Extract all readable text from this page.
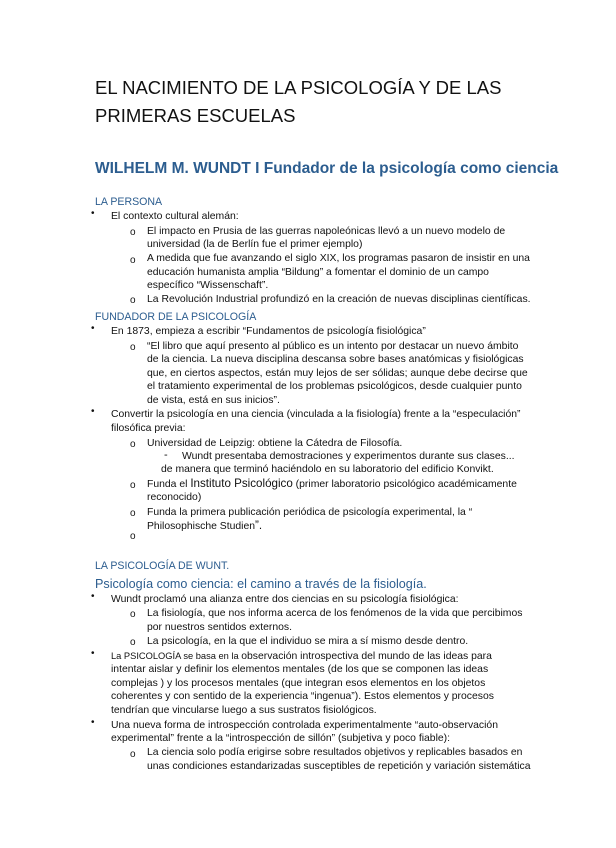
EL NACIMIENTO DE LA PSICOLOGÍA Y DE LAS PRIMERAS ESCUELAS
WILHELM M. WUNDT I Fundador de la psicología como ciencia
LA PERSONA
• El contexto cultural alemán:
o El impacto en Prusia de las guerras napoleónicas llevó a un nuevo modelo de
universidad (la de Berlín fue el primer ejemplo)
o A medida que fue avanzando el siglo XIX, los programas pasaron de insistir en una
educación humanista amplia “Bildung” a fomentar el dominio de un campo
específico “Wissenschaft”.
o La Revolución Industrial profundizó en la creación de nuevas disciplinas científicas.
FUNDADOR DE LA PSICOLOGÍA
• En 1873, empieza a escribir “Fundamentos de psicología fisiológica”
o “El libro que aquí presento al público es un intento por destacar un nuevo ámbito
de la ciencia. La nueva disciplina descansa sobre bases anatómicas y fisiológicas
que, en ciertos aspectos, están muy lejos de ser sólidas; aunque debe decirse que
el tratamiento experimental de los problemas psicológicos, desde cualquier punto
de vista, está en sus inicios”.
• Convertir la psicología en una ciencia (vinculada a la fisiología) frente a la “especulación”
filosófica previa:
o Universidad de Leipzig: obtiene la Cátedra de Filosofía.
- Wundt presentaba demostraciones y experimentos durante sus clases...
de manera que terminó haciéndolo en su laboratorio del edificio Konvikt.
o Funda el Instituto Psicológico (primer laboratorio psicológico académicamente
reconocido)
o Funda la primera publicación periódica de psicología experimental, la “
Philosophische Studien”.
o
LA PSICOLOGÍA DE WUNT.
Psicología como ciencia: el camino a través de la fisiología.
• Wundt proclamó una alianza entre dos ciencias en su psicología fisiológica:
o La fisiología, que nos informa acerca de los fenómenos de la vida que percibimos
por nuestros sentidos externos.
o La psicología, en la que el individuo se mira a sí mismo desde dentro.
• La PSICOLOGÍA se basa en la observación introspectiva del mundo de las ideas para
intentar aislar y definir los elementos mentales (de los que se componen las ideas
complejas ) y los procesos mentales (que integran esos elementos en los objetos
coherentes y con sentido de la experiencia “ingenua”). Estos elementos y procesos
tendrían que vincularse luego a sus sustratos fisiológicos.
• Una nueva forma de introspección controlada experimentalmente “auto-observación
experimental” frente a la “introspección de sillón” (subjetiva y poco fiable):
o La ciencia solo podía erigirse sobre resultados objetivos y replicables basados en
unas condiciones estandarizadas susceptibles de repetición y variación sistemática
